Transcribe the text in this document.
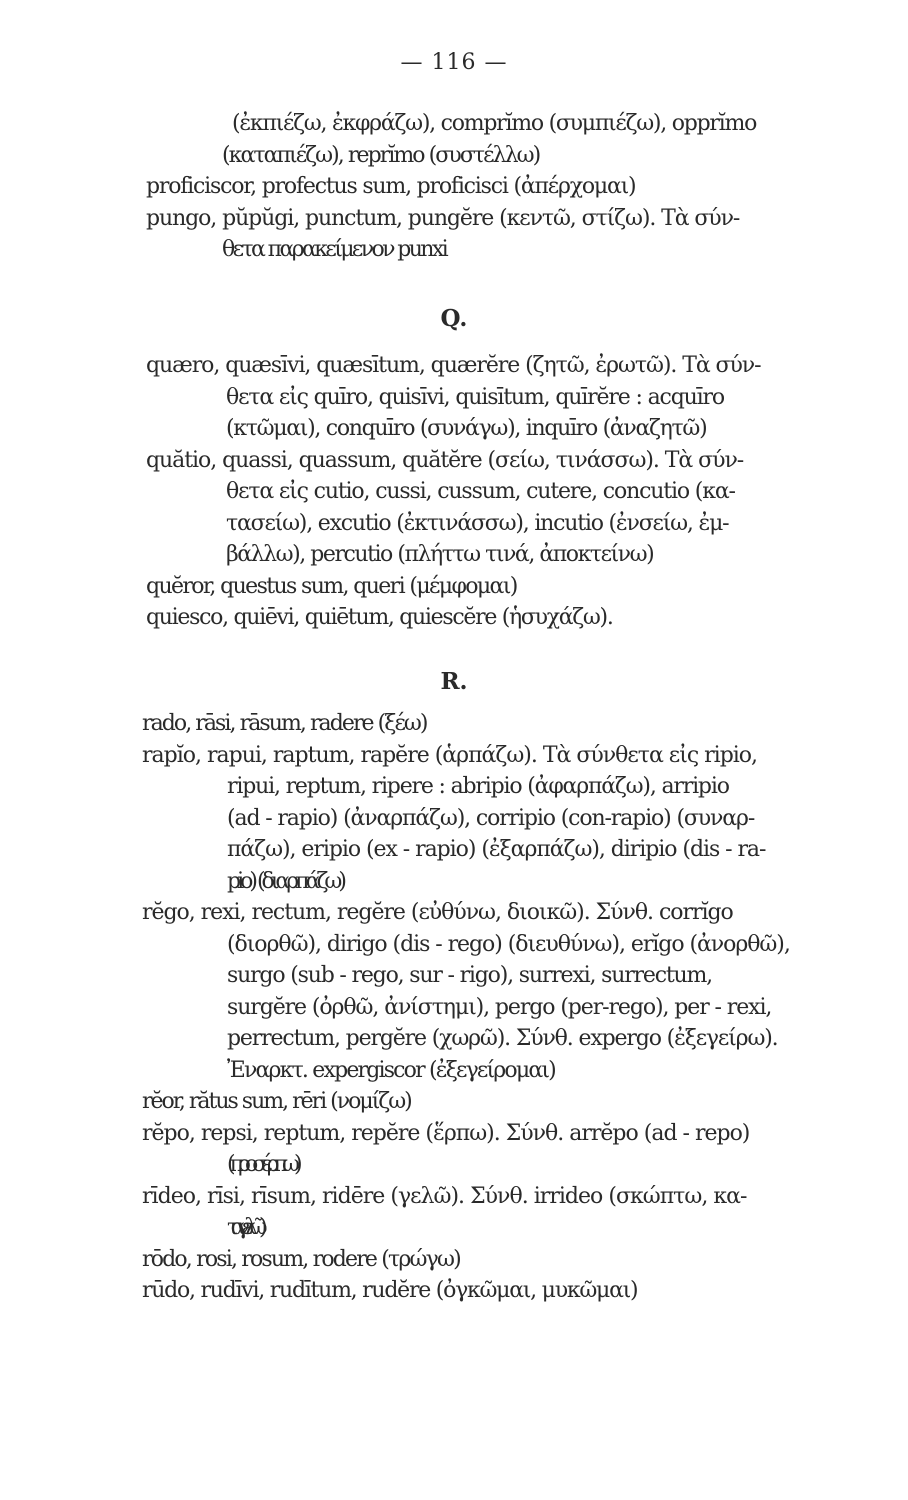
— 116 —
(ἐκπιέζω, ἐκφράζω), comprĭmo (συμπιέζω), opprĭmo
(καταπιέζω), reprĭmo (συστέλλω)
proficiscor, profectus sum, proficisci (ἀπέρχομαι)
pungo, pŭpŭgi, punctum, pungĕre (κεντῶ, στίζω). Τὰ σύν-
θετα παρακείμενον punxi
Q.
quæro, quæsīvi, quæsītum, quærĕre (ζητῶ, ἐρωτῶ). Τὰ σύν-
θετα εἰς quīro, quisīvi, quisītum, quīrĕre : acquīro
(κτῶμαι), conquīro (συνάγω), inquīro (ἀναζητῶ)
quătio, quassi, quassum, quătĕre (σείω, τινάσσω). Τὰ σύν-
θετα εἰς cutio, cussi, cussum, cutere, concutio (κα-
τασείω), excutio (ἐκτινάσσω), incutio (ἐνσείω, ἐμ-
βάλλω), percutio (πλήττω τινά, ἀποκτείνω)
quĕror, questus sum, queri (μέμφομαι)
quiesco, quiēvi, quiētum, quiescĕre (ἡσυχάζω).
R.
rado, rāsi, rāsum, radere (ξέω)
rapĭo, rapui, raptum, rapĕre (ἁρπάζω). Τὰ σύνθετα εἰς ripio,
ripui, reptum, ripere : abripio (ἀφαρπάζω), arripio
(ad - rapio) (ἀναρπάζω), corripio (con-rapio) (συναρ-
πάζω), eripio (ex - rapio) (ἐξαρπάζω), diripio (dis - ra-
pio) (διαρπάζω)
rĕgo, rexi, rectum, regĕre (εὐθύνω, διοικῶ). Σύνθ. corrĭgo
(διορθῶ), dirigo (dis - rego) (διευθύνω), erĭgo (ἀνορθῶ),
surgo (sub - rego, sur - rigo), surrexi, surrectum,
surgĕre (ὀρθῶ, ἀνίστημι), pergo (per-rego), per - rexi,
perrectum, pergĕre (χωρῶ). Σύνθ. expergo (ἐξεγείρω).
Ἐναρκτ. expergiscor (ἐξεγείρομαι)
rĕor, rătus sum, rēri (νομίζω)
rĕpo, repsi, reptum, repĕre (ἕρπω). Σύνθ. arrĕpo (ad - repo)
(προσέρπω)
rīdeo, rīsi, rīsum, ridēre (γελῶ). Σύνθ. irrideo (σκώπτω, κα-
ταγελῶ)
rōdo, rosi, rosum, rodere (τρώγω)
rūdo, rudīvi, rudītum, rudĕre (ὀγκῶμαι, μυκῶμαι)
